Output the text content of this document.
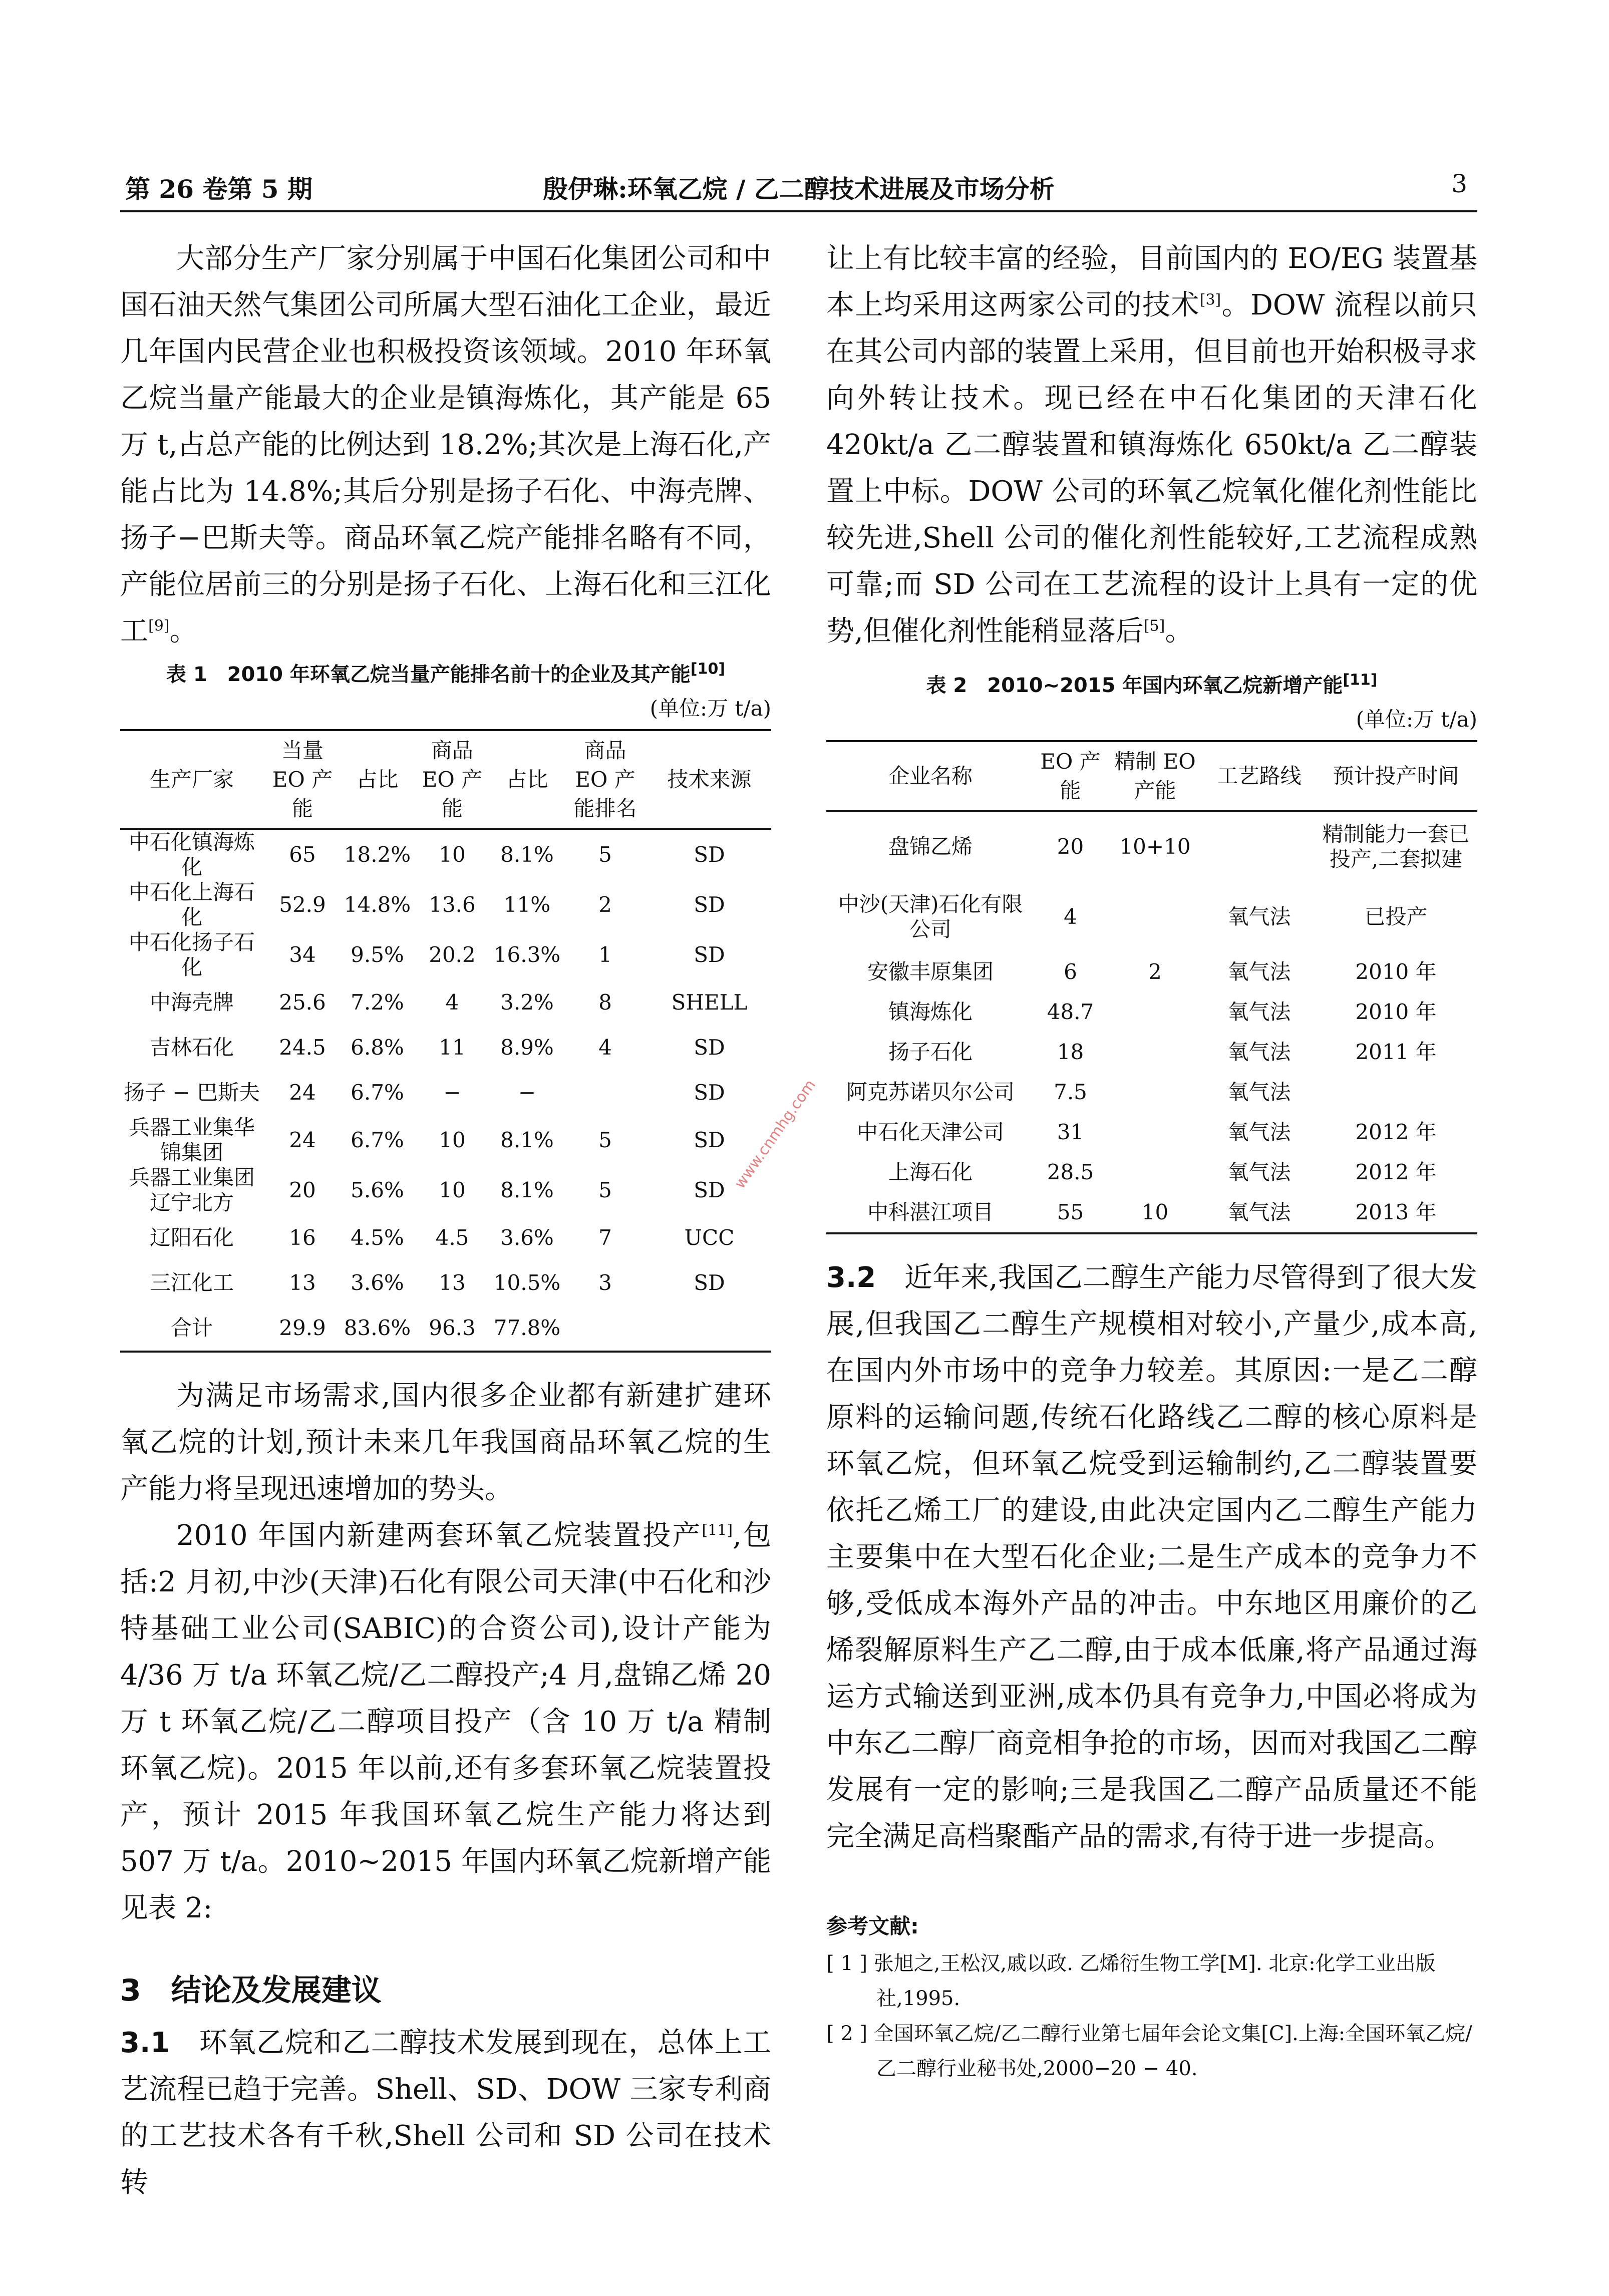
第 26 卷第 5 期	殷伊琳:环氧乙烷 / 乙二醇技术进展及市场分析	3

大部分生产厂家分别属于中国石化集团公司和中国石油天然气集团公司所属大型石油化工企业，最近几年国内民营企业也积极投资该领域。2010 年环氧乙烷当量产能最大的企业是镇海炼化，其产能是 65 万 t,占总产能的比例达到 18.2%;其次是上海石化,产能占比为 14.8%;其后分别是扬子石化、中海壳牌、扬子−巴斯夫等。商品环氧乙烷产能排名略有不同，产能位居前三的分别是扬子石化、上海石化和三江化工[9]。

表 1　2010 年环氧乙烷当量产能排名前十的企业及其产能[10]
(单位:万 t/a)
生产厂家	当量 EO 产能	占比	商品 EO 产能	占比	商品 EO 产能排名	技术来源
中石化镇海炼化	65	18.2%	10	8.1%	5	SD
中石化上海石化	52.9	14.8%	13.6	11%	2	SD
中石化扬子石化	34	9.5%	20.2	16.3%	1	SD
中海壳牌	25.6	7.2%	4	3.2%	8	SHELL
吉林石化	24.5	6.8%	11	8.9%	4	SD
扬子 − 巴斯夫	24	6.7%	−	−		SD
兵器工业集华锦集团	24	6.7%	10	8.1%	5	SD
兵器工业集团辽宁北方	20	5.6%	10	8.1%	5	SD
辽阳石化	16	4.5%	4.5	3.6%	7	UCC
三江化工	13	3.6%	13	10.5%	3	SD
合计	29.9	83.6%	96.3	77.8%		

为满足市场需求,国内很多企业都有新建扩建环氧乙烷的计划,预计未来几年我国商品环氧乙烷的生产能力将呈现迅速增加的势头。

2010 年国内新建两套环氧乙烷装置投产[11],包括:2 月初,中沙(天津)石化有限公司天津(中石化和沙特基础工业公司(SABIC)的合资公司),设计产能为 4/36 万 t/a 环氧乙烷/乙二醇投产;4 月,盘锦乙烯 20 万 t 环氧乙烷/乙二醇项目投产（含 10 万 t/a 精制环氧乙烷)。2015 年以前,还有多套环氧乙烷装置投产，预计 2015 年我国环氧乙烷生产能力将达到 507 万 t/a。2010~2015 年国内环氧乙烷新增产能见表 2:

3　结论及发展建议

3.1　环氧乙烷和乙二醇技术发展到现在，总体上工艺流程已趋于完善。Shell、SD、DOW 三家专利商的工艺技术各有千秋,Shell 公司和 SD 公司在技术转

让上有比较丰富的经验，目前国内的 EO/EG 装置基本上均采用这两家公司的技术[3]。DOW 流程以前只在其公司内部的装置上采用，但目前也开始积极寻求向外转让技术。现已经在中石化集团的天津石化 420kt/a 乙二醇装置和镇海炼化 650kt/a 乙二醇装置上中标。DOW 公司的环氧乙烷氧化催化剂性能比较先进,Shell 公司的催化剂性能较好,工艺流程成熟可靠;而 SD 公司在工艺流程的设计上具有一定的优势,但催化剂性能稍显落后[5]。

表 2　2010~2015 年国内环氧乙烷新增产能[11]
(单位:万 t/a)
企业名称	EO 产能	精制 EO 产能	工艺路线	预计投产时间
盘锦乙烯	20	10+10		精制能力一套已投产,二套拟建
中沙(天津)石化有限公司	4		氧气法	已投产
安徽丰原集团	6	2	氧气法	2010 年
镇海炼化	48.7		氧气法	2010 年
扬子石化	18		氧气法	2011 年
阿克苏诺贝尔公司	7.5		氧气法	
中石化天津公司	31		氧气法	2012 年
上海石化	28.5		氧气法	2012 年
中科湛江项目	55	10	氧气法	2013 年

3.2　近年来,我国乙二醇生产能力尽管得到了很大发展,但我国乙二醇生产规模相对较小,产量少,成本高,在国内外市场中的竞争力较差。其原因:一是乙二醇原料的运输问题,传统石化路线乙二醇的核心原料是环氧乙烷，但环氧乙烷受到运输制约,乙二醇装置要依托乙烯工厂的建设,由此决定国内乙二醇生产能力主要集中在大型石化企业;二是生产成本的竞争力不够,受低成本海外产品的冲击。中东地区用廉价的乙烯裂解原料生产乙二醇,由于成本低廉,将产品通过海运方式输送到亚洲,成本仍具有竞争力,中国必将成为中东乙二醇厂商竞相争抢的市场，因而对我国乙二醇发展有一定的影响;三是我国乙二醇产品质量还不能完全满足高档聚酯产品的需求,有待于进一步提高。

参考文献:
[ 1 ] 张旭之,王松汉,戚以政. 乙烯衍生物工学[M]. 北京:化学工业出版社,1995.
[ 2 ] 全国环氧乙烷/乙二醇行业第七届年会论文集[C].上海:全国环氧乙烷/乙二醇行业秘书处,2000−20 − 40.
www.cnmhg.com
